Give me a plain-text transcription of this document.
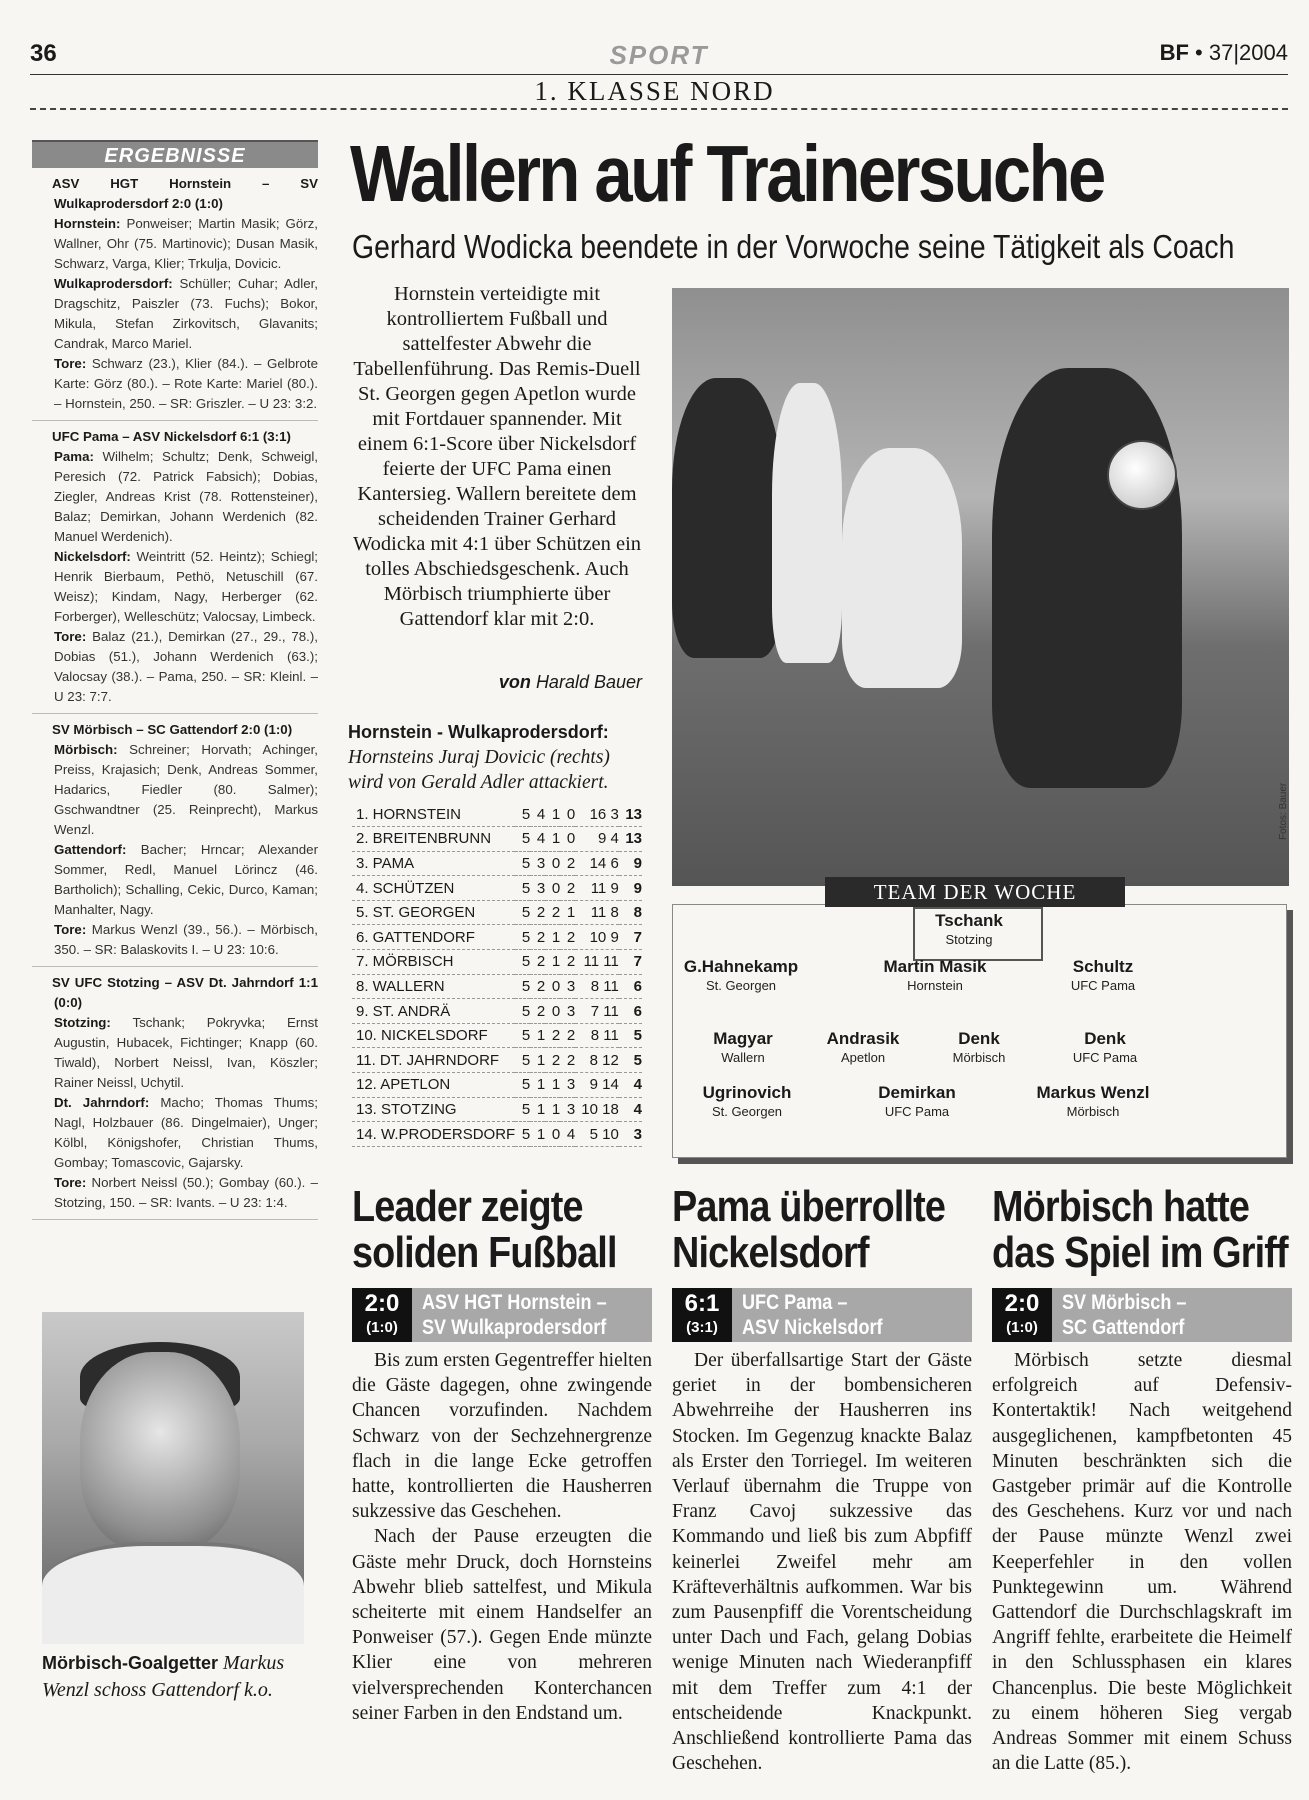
36	SPORT	BF • 37|2004
1. KLASSE NORD
ERGEBNISSE

ASV HGT Hornstein – SV Wulkaprodersdorf 2:0 (1:0)

Hornstein: Ponweiser; Martin Masik; Görz, Wallner, Ohr (75. Martinovic); Dusan Masik, Schwarz, Varga, Klier; Trkulja, Dovicic.

Wulkaprodersdorf: Schüller; Cuhar; Adler, Dragschitz, Paiszler (73. Fuchs); Bokor, Mikula, Stefan Zirkovitsch, Glavanits; Candrak, Marco Mariel.

Tore: Schwarz (23.), Klier (84.). – Gelbrote Karte: Görz (80.). – Rote Karte: Mariel (80.). – Hornstein, 250. – SR: Griszler. – U 23: 3:2.

UFC Pama – ASV Nickelsdorf 6:1 (3:1)

Pama: Wilhelm; Schultz; Denk, Schweigl, Peresich (72. Patrick Fabsich); Dobias, Ziegler, Andreas Krist (78. Rottensteiner), Balaz; Demirkan, Johann Werdenich (82. Manuel Werdenich).

Nickelsdorf: Weintritt (52. Heintz); Schiegl; Henrik Bierbaum, Pethö, Netuschill (67. Weisz); Kindam, Nagy, Herberger (62. Forberger), Welleschütz; Valocsay, Limbeck.

Tore: Balaz (21.), Demirkan (27., 29., 78.), Dobias (51.), Johann Werdenich (63.); Valocsay (38.). – Pama, 250. – SR: Kleinl. – U 23: 7:7.

SV Mörbisch – SC Gattendorf 2:0 (1:0)

Mörbisch: Schreiner; Horvath; Achinger, Preiss, Krajasich; Denk, Andreas Sommer, Hadarics, Fiedler (80. Salmer); Gschwandtner (25. Reinprecht), Markus Wenzl.

Gattendorf: Bacher; Hrncar; Alexander Sommer, Redl, Manuel Lörincz (46. Bartholich); Schalling, Cekic, Durco, Kaman; Manhalter, Nagy.

Tore: Markus Wenzl (39., 56.). – Mörbisch, 350. – SR: Balaskovits I. – U 23: 10:6.

SV UFC Stotzing – ASV Dt. Jahrndorf 1:1 (0:0)

Stotzing: Tschank; Pokryvka; Ernst Augustin, Hubacek, Fichtinger; Knapp (60. Tiwald), Norbert Neissl, Ivan, Köszler; Rainer Neissl, Uchytil.

Dt. Jahrndorf: Macho; Thomas Thums; Nagl, Holzbauer (86. Dingelmaier), Unger; Kölbl, Königshofer, Christian Thums, Gombay; Tomascovic, Gajarsky.

Tore: Norbert Neissl (50.); Gombay (60.). – Stotzing, 150. – SR: Ivants. – U 23: 1:4.

Mörbisch-Goalgetter Markus Wenzl schoss Gattendorf k.o.
Wallern auf Trainersuche
Gerhard Wodicka beendete in der Vorwoche seine Tätigkeit als Coach
Hornstein verteidigte mit kontrolliertem Fußball und sattelfester Abwehr die Tabellenführung. Das Remis-Duell St. Georgen gegen Apetlon wurde mit Fortdauer spannender. Mit einem 6:1-Score über Nickelsdorf feierte der UFC Pama einen Kantersieg. Wallern bereitete dem scheidenden Trainer Gerhard Wodicka mit 4:1 über Schützen ein tolles Abschiedsgeschenk. Auch Mörbisch triumphierte über Gattendorf klar mit 2:0.
von Harald Bauer
Fotos: Bauer
Hornstein - Wulkaprodersdorf:
Hornsteins Juraj Dovicic (rechts) wird von Gerald Adler attackiert.
1. HORNSTEIN	5	4	1	0	16 3	13
2. BREITENBRUNN	5	4	1	0	9 4	13
3. PAMA	5	3	0	2	14 6	9
4. SCHÜTZEN	5	3	0	2	11 9	9
5. ST. GEORGEN	5	2	2	1	11 8	8
6. GATTENDORF	5	2	1	2	10 9	7
7. MÖRBISCH	5	2	1	2	11 11	7
8. WALLERN	5	2	0	3	8 11	6
9. ST. ANDRÄ	5	2	0	3	7 11	6
10. NICKELSDORF	5	1	2	2	8 11	5
11. DT. JAHRNDORF	5	1	2	2	8 12	5
12. APETLON	5	1	1	3	9 14	4
13. STOTZING	5	1	1	3	10 18	4
14. W.PRODERSDORF	5	1	0	4	5 10	3
TEAM DER WOCHE
Tschank
Stotzing
G.Hahnekamp
St. Georgen
Martin Masik
Hornstein
Schultz
UFC Pama
Magyar
Wallern
Andrasik
Apetlon
Denk
Mörbisch
Denk
UFC Pama
Ugrinovich
St. Georgen
Demirkan
UFC Pama
Markus Wenzl
Mörbisch
Leader zeigte
soliden Fußball
2:0
(1:0)
ASV HGT Hornstein –
SV Wulkaprodersdorf

Bis zum ersten Gegentreffer hielten die Gäste dagegen, ohne zwingende Chancen vorzufinden. Nachdem Schwarz von der Sechzehnergrenze flach in die lange Ecke getroffen hatte, kontrollierten die Hausherren sukzessive das Geschehen.

Nach der Pause erzeugten die Gäste mehr Druck, doch Hornsteins Abwehr blieb sattelfest, und Mikula scheiterte mit einem Handselfer an Ponweiser (57.). Gegen Ende münzte Klier eine von mehreren vielversprechenden Konterchancen seiner Farben in den Endstand um.

Pama überrollte
Nickelsdorf
6:1
(3:1)
UFC Pama –
ASV Nickelsdorf

Der überfallsartige Start der Gäste geriet in der bombensicheren Abwehrreihe der Hausherren ins Stocken. Im Gegenzug knackte Balaz als Erster den Torriegel. Im weiteren Verlauf übernahm die Truppe von Franz Cavoj sukzessive das Kommando und ließ bis zum Abpfiff keinerlei Zweifel mehr am Kräfteverhältnis aufkommen. War bis zum Pausenpfiff die Vorentscheidung unter Dach und Fach, gelang Dobias wenige Minuten nach Wiederanpfiff mit dem Treffer zum 4:1 der entscheidende Knackpunkt. Anschließend kontrollierte Pama das Geschehen.

Mörbisch hatte
das Spiel im Griff
2:0
(1:0)
SV Mörbisch –
SC Gattendorf

Mörbisch setzte diesmal erfolgreich auf Defensiv-Kontertaktik! Nach weitgehend ausgeglichenen, kampfbetonten 45 Minuten beschränkten sich die Gastgeber primär auf die Kontrolle des Geschehens. Kurz vor und nach der Pause münzte Wenzl zwei Keeperfehler in den vollen Punktegewinn um. Während Gattendorf die Durchschlagskraft im Angriff fehlte, erarbeitete die Heimelf in den Schlussphasen ein klares Chancenplus. Die beste Möglichkeit zu einem höheren Sieg vergab Andreas Sommer mit einem Schuss an die Latte (85.).
